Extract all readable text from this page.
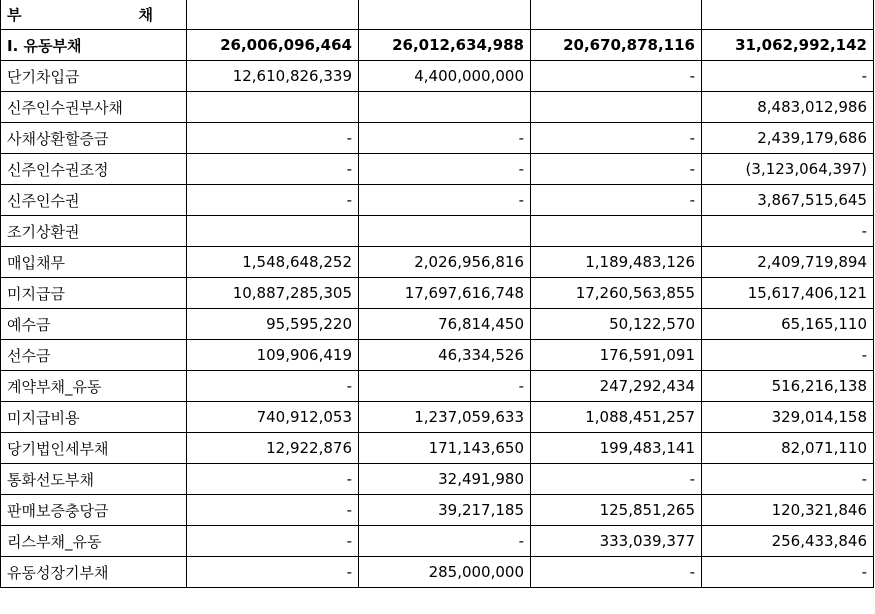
부 채				

I. 유동부채	26,006,096,464	26,012,634,988	20,670,878,116	31,062,992,142
단기차입금	12,610,826,339	4,400,000,000	-	-
신주인수권부사채				8,483,012,986
사채상환할증금	-	-	-	2,439,179,686
신주인수권조정	-	-	-	(3,123,064,397)
신주인수권	-	-	-	3,867,515,645
조기상환권				-
매입채무	1,548,648,252	2,026,956,816	1,189,483,126	2,409,719,894
미지급금	10,887,285,305	17,697,616,748	17,260,563,855	15,617,406,121
예수금	95,595,220	76,814,450	50,122,570	65,165,110
선수금	109,906,419	46,334,526	176,591,091	-
계약부채_유동	-	-	247,292,434	516,216,138
미지급비용	740,912,053	1,237,059,633	1,088,451,257	329,014,158
당기법인세부채	12,922,876	171,143,650	199,483,141	82,071,110
통화선도부채	-	32,491,980	-	-
판매보증충당금	-	39,217,185	125,851,265	120,321,846
리스부채_유동	-	-	333,039,377	256,433,846
유동성장기부채	-	285,000,000	-	-
